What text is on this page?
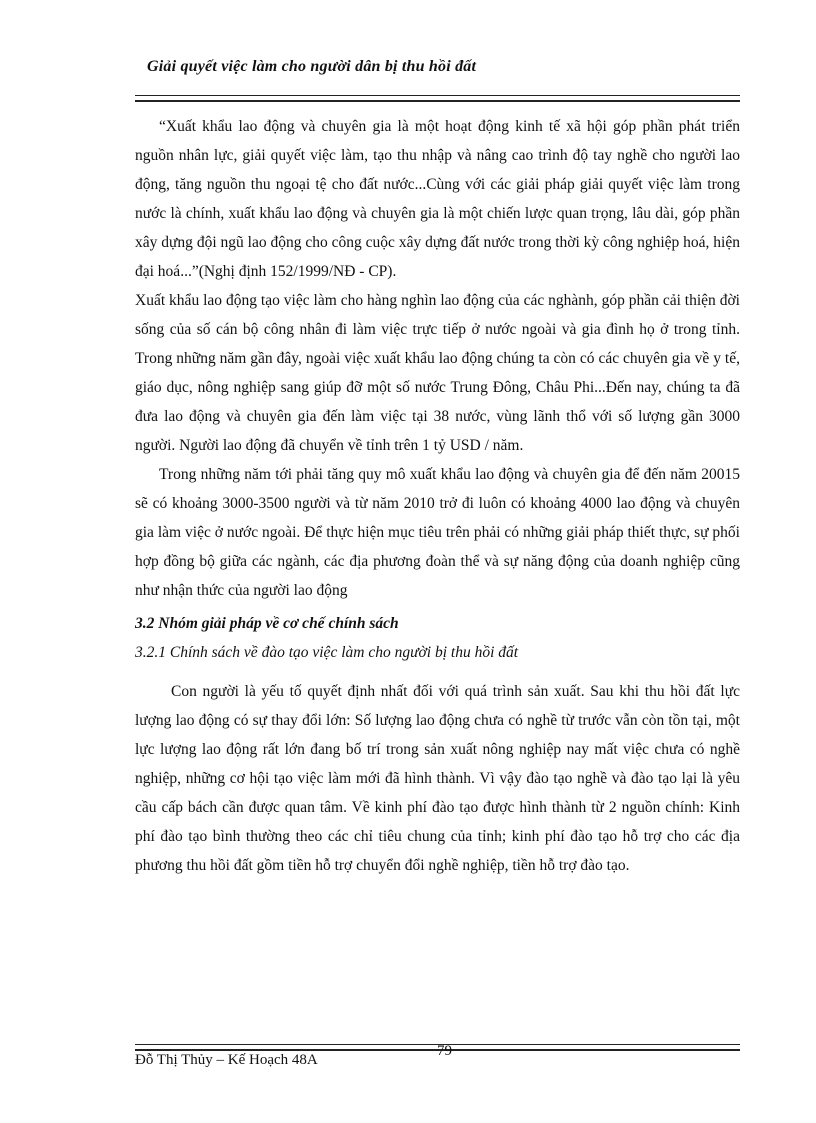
Giải quyết việc làm cho người dân bị thu hồi đất

“Xuất khẩu lao động và chuyên gia là một hoạt động kinh tế xã hội góp phần phát triển nguồn nhân lực, giải quyết việc làm, tạo thu nhập và nâng cao trình độ tay nghề cho người lao động, tăng nguồn thu ngoại tệ cho đất nước...Cùng với các giải pháp giải quyết việc làm trong nước là chính, xuất khẩu lao động và chuyên gia là một chiến lược quan trọng, lâu dài, góp phần xây dựng đội ngũ lao động cho công cuộc xây dựng đất nước trong thời kỳ công nghiệp hoá, hiện đại hoá...”(Nghị định 152/1999/NĐ - CP).

Xuất khẩu lao động tạo việc làm cho hàng nghìn lao động của các nghành, góp phần cải thiện đời sống của số cán bộ công nhân đi làm việc trực tiếp ở nước ngoài và gia đình họ ở trong tỉnh. Trong những năm gần đây, ngoài việc xuất khẩu lao động chúng ta còn có các chuyên gia về y tế, giáo dục, nông nghiệp sang giúp đỡ một số nước Trung Đông, Châu Phi...Đến nay, chúng ta đã đưa lao động và chuyên gia đến làm việc tại 38 nước, vùng lãnh thổ với số lượng gần 3000 người. Người lao động đã chuyển về tỉnh trên 1 tỷ USD / năm.

Trong những năm tới phải tăng quy mô xuất khẩu lao động và chuyên gia để đến năm 20015 sẽ có khoảng 3000-3500 người và từ năm 2010 trở đi luôn có khoảng 4000 lao động và chuyên gia làm việc ở nước ngoài. Để thực hiện mục tiêu trên phải có những giải pháp thiết thực, sự phối hợp đồng bộ giữa các ngành, các địa phương đoàn thể và sự năng động của doanh nghiệp cũng như nhận thức của người lao động

3.2 Nhóm giải pháp về cơ chế chính sách

3.2.1 Chính sách về đào tạo việc làm cho người bị thu hồi đất

Con người là yếu tố quyết định nhất đối với quá trình sản xuất. Sau khi thu hồi đất lực lượng lao động có sự thay đổi lớn: Số lượng lao động chưa có nghề từ trước vẫn còn tồn tại, một lực lượng lao động rất lớn đang bố trí trong sản xuất nông nghiệp nay mất việc chưa có nghề nghiệp, những cơ hội tạo việc làm mới đã hình thành. Vì vậy đào tạo nghề và đào tạo lại là yêu cầu cấp bách cần được quan tâm. Về kinh phí đào tạo được hình thành từ 2 nguồn chính: Kinh phí đào tạo bình thường theo các chỉ tiêu chung của tỉnh; kinh phí đào tạo hỗ trợ cho các địa phương thu hồi đất gồm tiền hỗ trợ chuyển đổi nghề nghiệp, tiền hỗ trợ đào tạo.

Đỗ Thị Thủy – Kế Hoạch 48A
79
